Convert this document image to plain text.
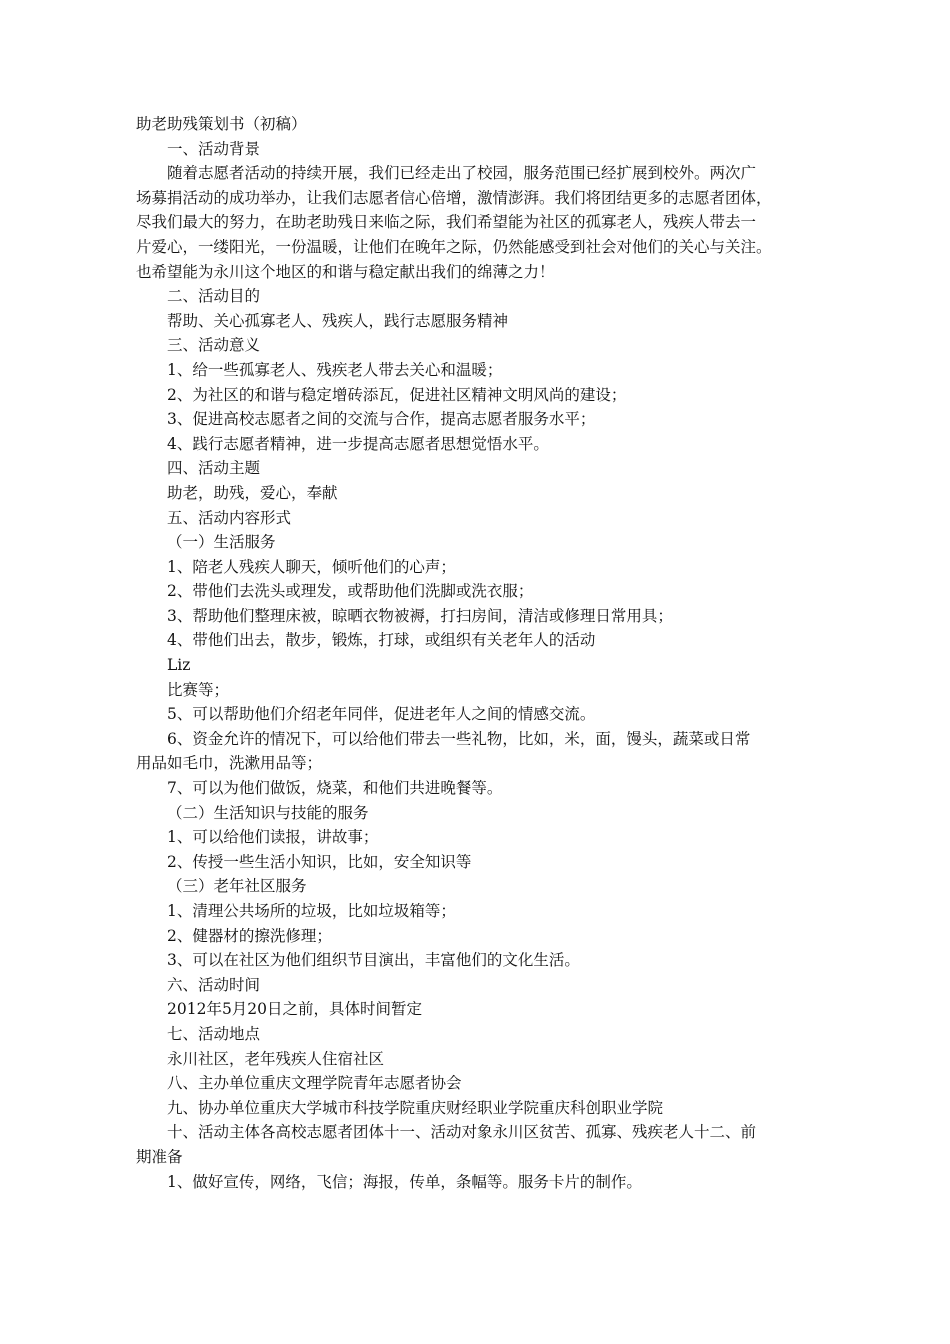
助老助残策划书（初稿）

一、活动背景

随着志愿者活动的持续开展，我们已经走出了校园，服务范围已经扩展到校外。两次广

场募捐活动的成功举办，让我们志愿者信心倍增，激情澎湃。我们将团结更多的志愿者团体，

尽我们最大的努力，在助老助残日来临之际，我们希望能为社区的孤寡老人，残疾人带去一

片爱心，一缕阳光，一份温暖，让他们在晚年之际，仍然能感受到社会对他们的关心与关注。

也希望能为永川这个地区的和谐与稳定献出我们的绵薄之力！

二、活动目的

帮助、关心孤寡老人、残疾人，践行志愿服务精神

三、活动意义

1、给一些孤寡老人、残疾老人带去关心和温暖；

2、为社区的和谐与稳定增砖添瓦，促进社区精神文明风尚的建设；

3、促进高校志愿者之间的交流与合作，提高志愿者服务水平；

4、践行志愿者精神，进一步提高志愿者思想觉悟水平。

四、活动主题

助老，助残，爱心，奉献

五、活动内容形式

（一）生活服务

1、陪老人残疾人聊天，倾听他们的心声；

2、带他们去洗头或理发，或帮助他们洗脚或洗衣服；

3、帮助他们整理床被，晾晒衣物被褥，打扫房间，清洁或修理日常用具；

4、带他们出去，散步，锻炼，打球，或组织有关老年人的活动

Liz

比赛等；

5、可以帮助他们介绍老年同伴，促进老年人之间的情感交流。

6、资金允许的情况下，可以给他们带去一些礼物，比如，米，面，馒头，蔬菜或日常

用品如毛巾，洗漱用品等；

7、可以为他们做饭，烧菜，和他们共进晚餐等。

（二）生活知识与技能的服务

1、可以给他们读报，讲故事；

2、传授一些生活小知识，比如，安全知识等

（三）老年社区服务

1、清理公共场所的垃圾，比如垃圾箱等；

2、健器材的擦洗修理；

3、可以在社区为他们组织节目演出，丰富他们的文化生活。

六、活动时间

2012年5月20日之前，具体时间暂定

七、活动地点

永川社区，老年残疾人住宿社区

八、主办单位重庆文理学院青年志愿者协会

九、协办单位重庆大学城市科技学院重庆财经职业学院重庆科创职业学院

十、活动主体各高校志愿者团体十一、活动对象永川区贫苦、孤寡、残疾老人十二、前

期准备

1、做好宣传，网络，飞信；海报，传单，条幅等。服务卡片的制作。
